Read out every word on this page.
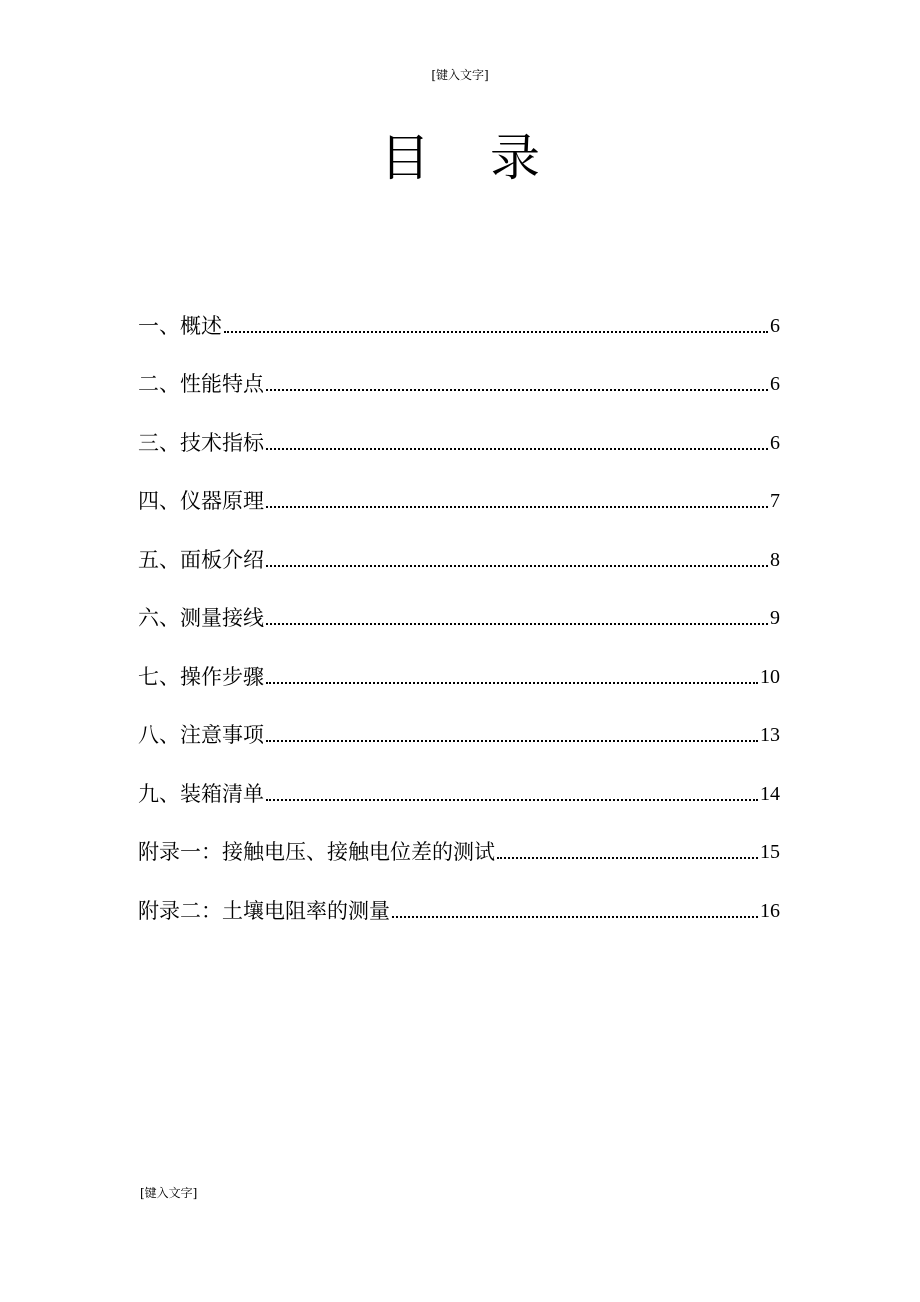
[键入文字]
目 录
一、概述	6
二、性能特点	6
三、技术指标	6
四、仪器原理	7
五、面板介绍	8
六、测量接线	9
七、操作步骤	10
八、注意事项	13
九、装箱清单	14
附录一：接触电压、接触电位差的测试	15
附录二：土壤电阻率的测量	16
[键入文字]
